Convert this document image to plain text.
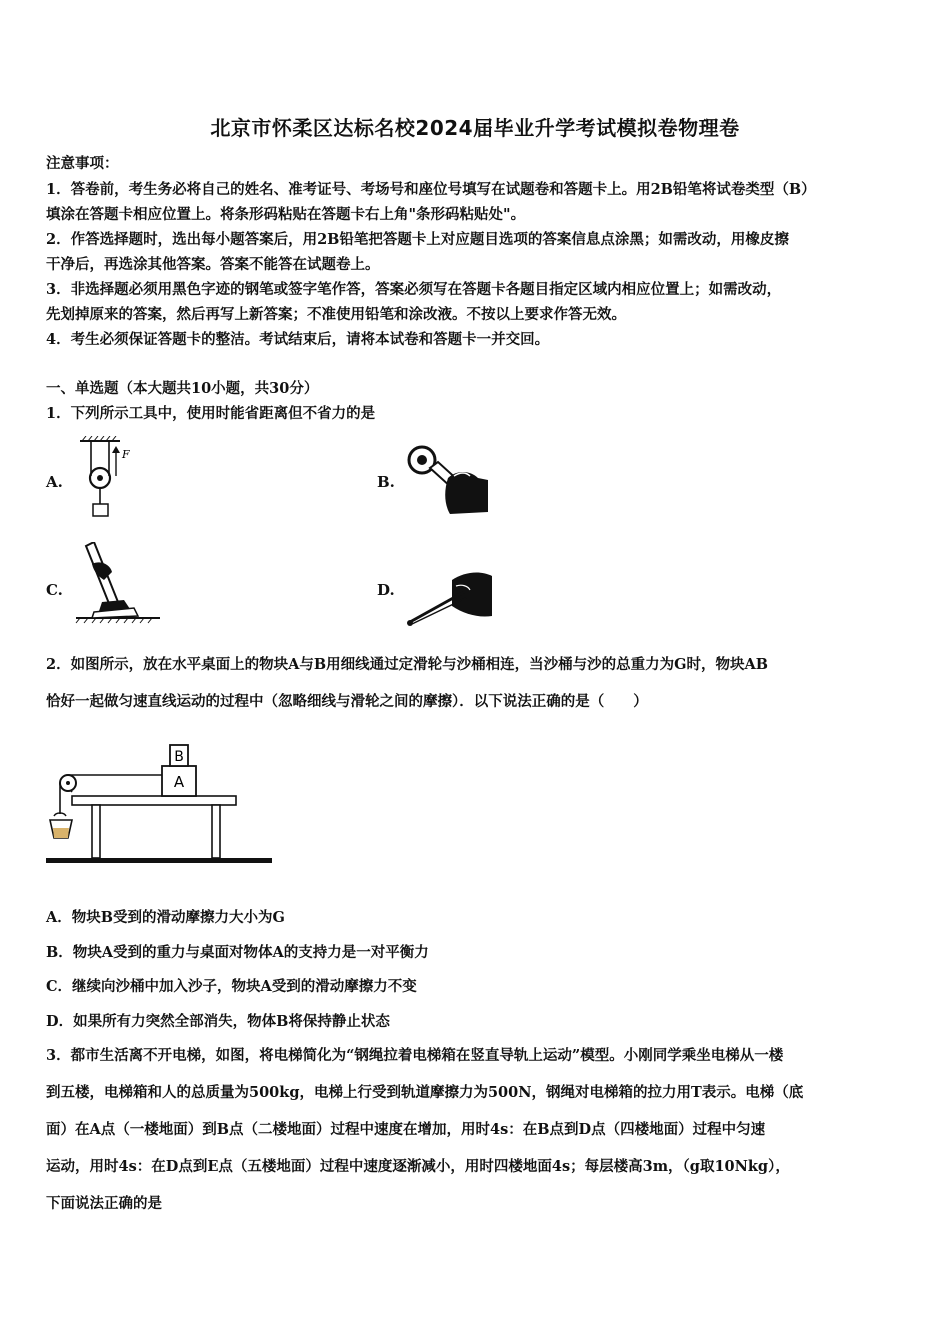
北京市怀柔区达标名校2024届毕业升学考试模拟卷物理卷
注意事项：
1．答卷前，考生务必将自己的姓名、准考证号、考场号和座位号填写在试题卷和答题卡上。用2B铅笔将试卷类型（B）
填涂在答题卡相应位置上。将条形码粘贴在答题卡右上角"条形码粘贴处"。
2．作答选择题时，选出每小题答案后，用2B铅笔把答题卡上对应题目选项的答案信息点涂黑；如需改动，用橡皮擦
干净后，再选涂其他答案。答案不能答在试题卷上。
3．非选择题必须用黑色字迹的钢笔或签字笔作答，答案必须写在答题卡各题目指定区域内相应位置上；如需改动，
先划掉原来的答案，然后再写上新答案；不准使用铅笔和涂改液。不按以上要求作答无效。
4．考生必须保证答题卡的整洁。考试结束后，请将本试卷和答题卡一并交回。
一、单选题（本大题共10小题，共30分）
1．下列所示工具中，使用时能省距离但不省力的是
A.
F
B.
C.	D.
2．如图所示，放在水平桌面上的物块A与B用细线通过定滑轮与沙桶相连，当沙桶与沙的总重力为G时，物块AB
恰好一起做匀速直线运动的过程中（忽略细线与滑轮之间的摩擦）．以下说法正确的是（　　）
A
B
A．物块B受到的滑动摩擦力大小为G
B．物块A受到的重力与桌面对物体A的支持力是一对平衡力
C．继续向沙桶中加入沙子，物块A受到的滑动摩擦力不变
D．如果所有力突然全部消失，物体B将保持静止状态
3．都市生活离不开电梯，如图，将电梯简化为“钢绳拉着电梯箱在竖直导轨上运动”模型。小刚同学乘坐电梯从一楼
到五楼，电梯箱和人的总质量为500kg，电梯上行受到轨道摩擦力为500N，钢绳对电梯箱的拉力用T表示。电梯（底
面）在A点（一楼地面）到B点（二楼地面）过程中速度在增加，用时4s：在B点到D点（四楼地面）过程中匀速
运动，用时4s：在D点到E点（五楼地面）过程中速度逐渐减小，用时四楼地面4s；每层楼高3m，（g取10Nkg），
下面说法正确的是
